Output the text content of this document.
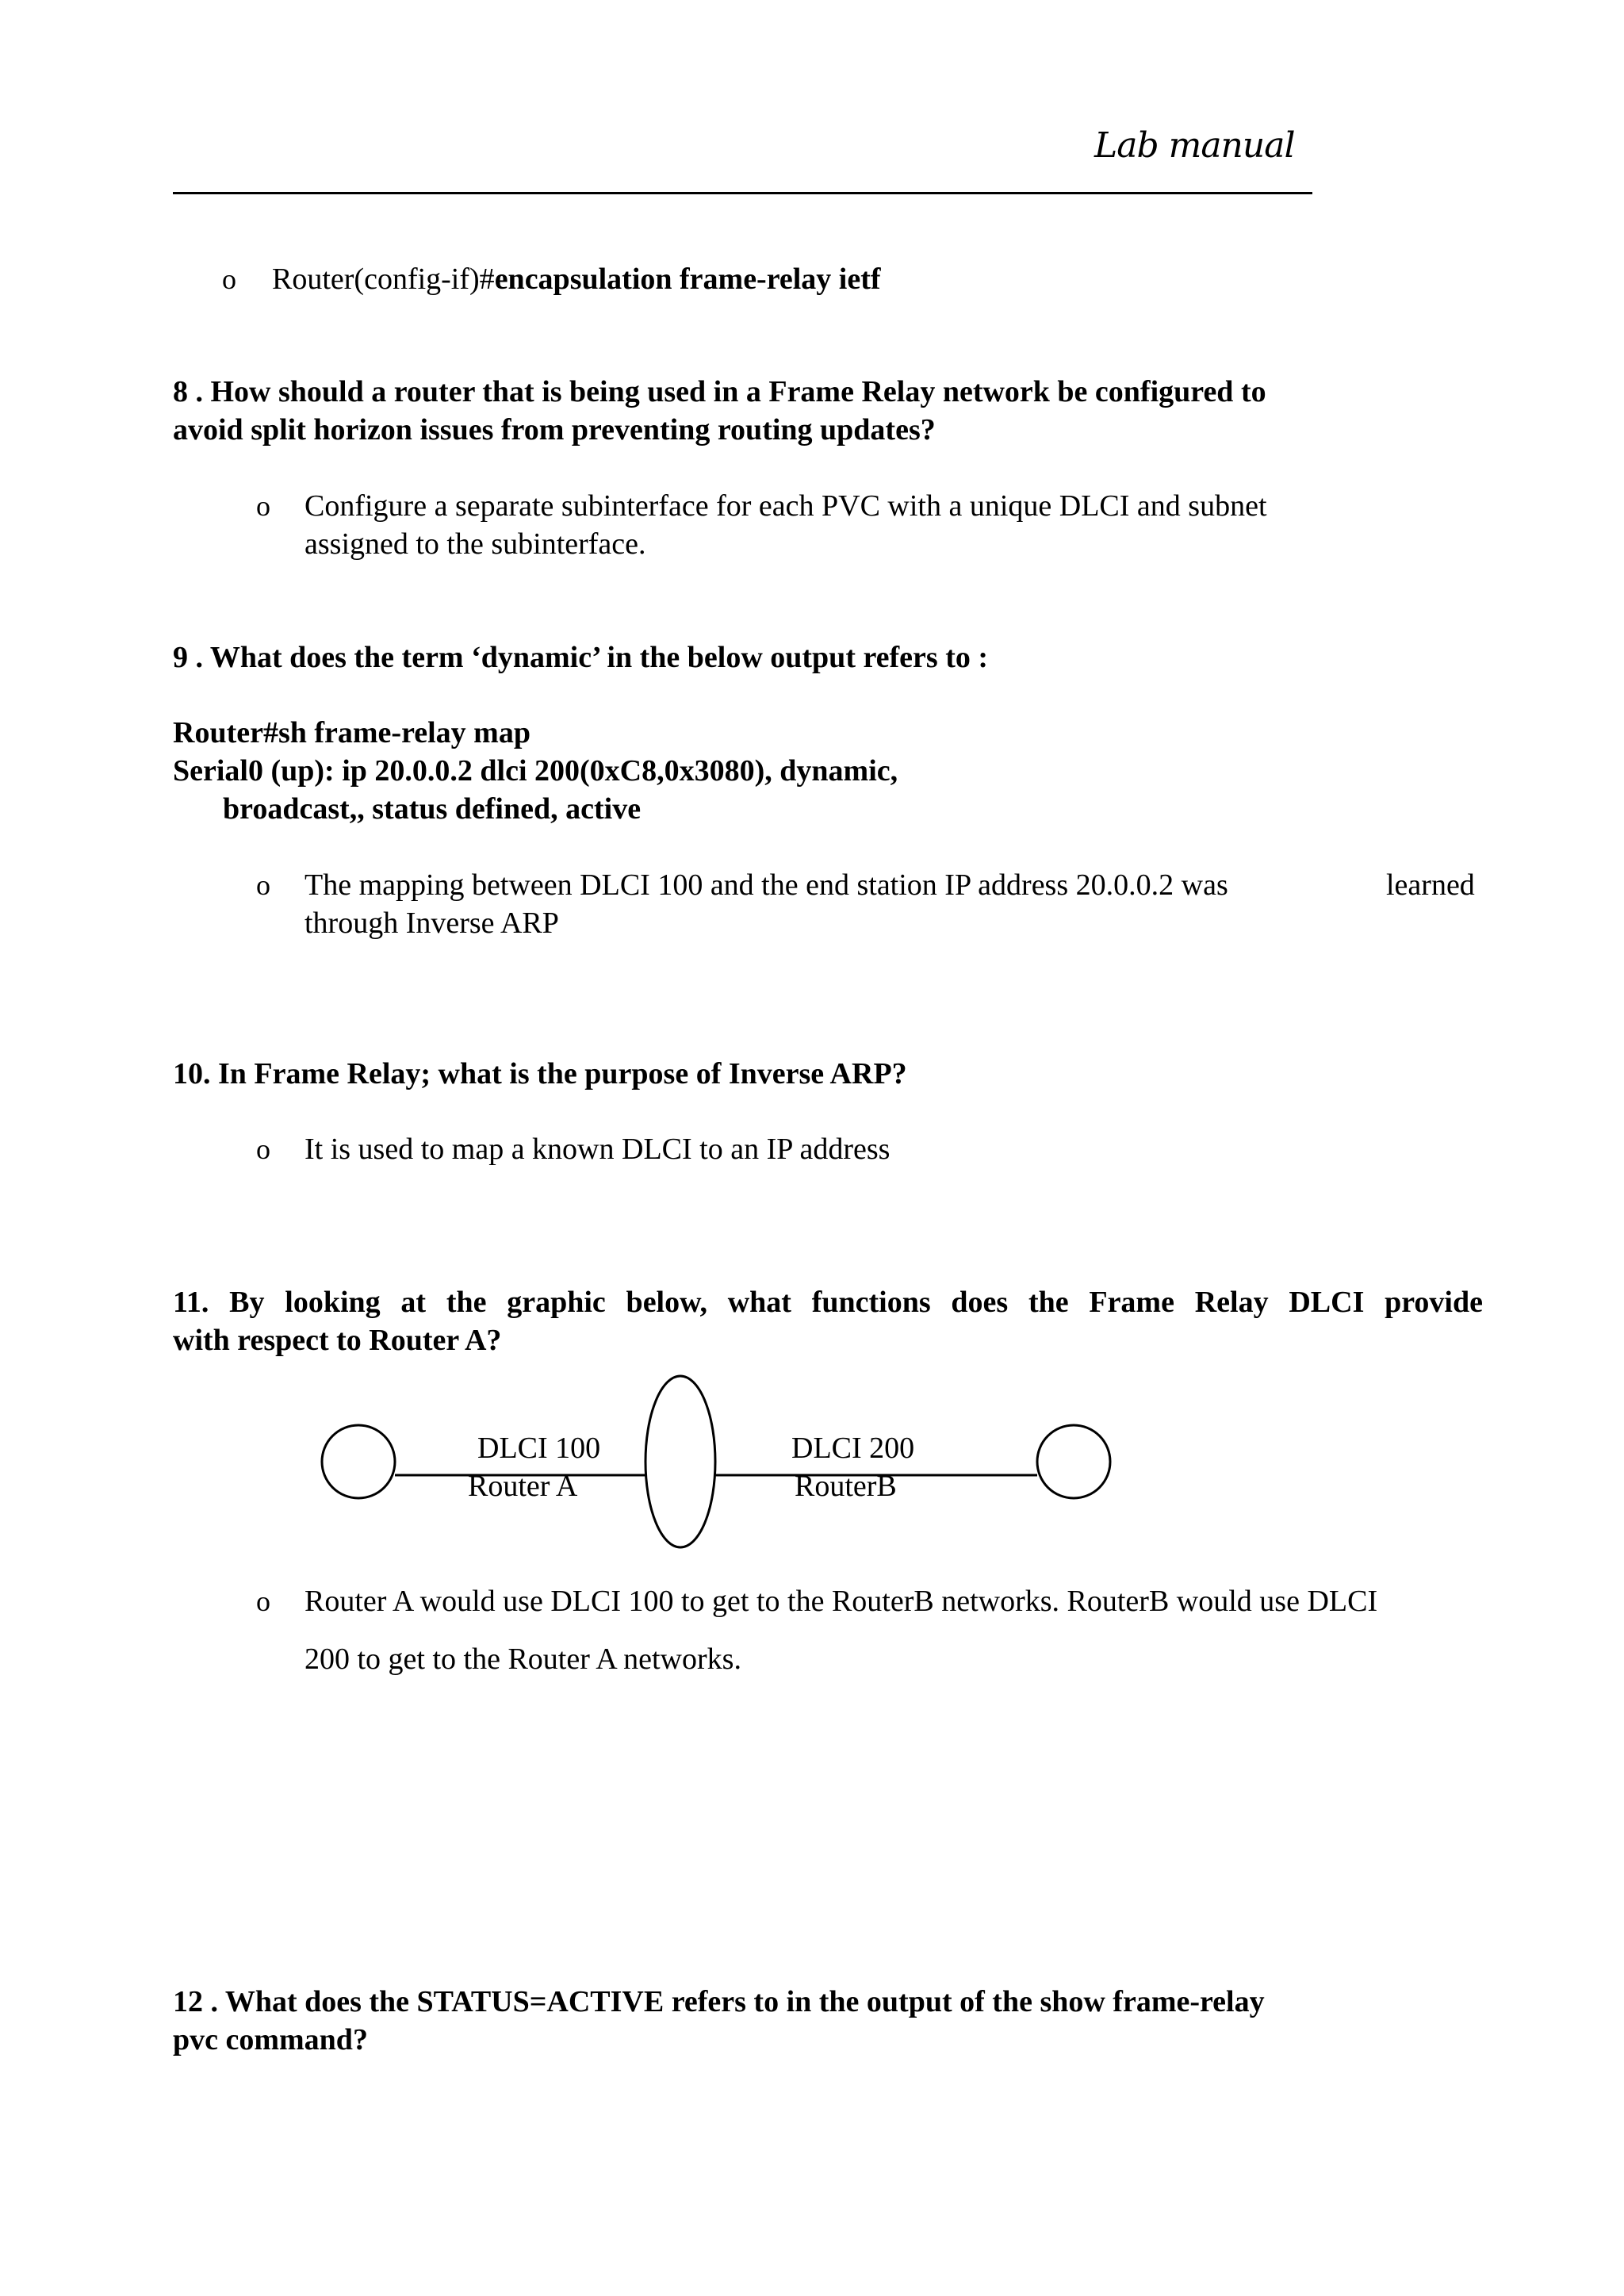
Lab manual
o Router(config-if)#encapsulation frame-relay ietf
8 . How should a router that is being used in a Frame Relay network be configured to
avoid split horizon issues from preventing routing updates?
o Configure a separate subinterface for each PVC with a unique DLCI and subnet
assigned to the subinterface.
9 . What does the term ‘dynamic’ in the below output refers to :
Router#sh frame-relay map
Serial0 (up): ip 20.0.0.2 dlci 200(0xC8,0x3080), dynamic,
broadcast,, status defined, active
o The mapping between DLCI 100 and the end station IP address 20.0.0.2 was	learned
through Inverse ARP
10. In Frame Relay; what is the purpose of Inverse ARP?
o It is used to map a known DLCI to an IP address
11. By looking at the graphic below, what functions does the Frame Relay DLCI provide
with respect to Router A?
DLCI 100
Router A
DLCI 200
RouterB
o Router A would use DLCI 100 to get to the RouterB networks. RouterB would use DLCI
200 to get to the Router A networks.
12 . What does the STATUS=ACTIVE refers to in the output of the show frame-relay
pvc command?
